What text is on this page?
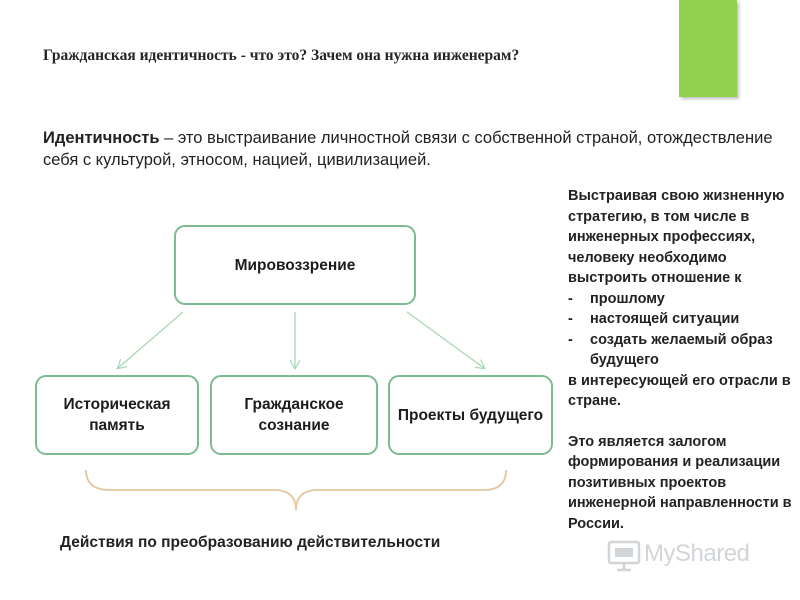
Гражданская идентичность - что это? Зачем она нужна инженерам?

Идентичность – это выстраивание личностной связи с собственной страной, отождествление себя с культурой, этносом, нацией, цивилизацией.

Мировоззрение
Историческая память
Гражданское сознание
Проекты будущего

Действия по преобразованию действительности

Выстраивая свою жизненную стратегию, в том числе в инженерных профессиях, человеку необходимо выстроить отношение к

-	прошлому
-	настоящей ситуации
-	создать желаемый образ будущего

в интересующей его отрасли в стране.

Это является залогом формирования и реализации позитивных проектов инженерной направленности в России.

MyShared
